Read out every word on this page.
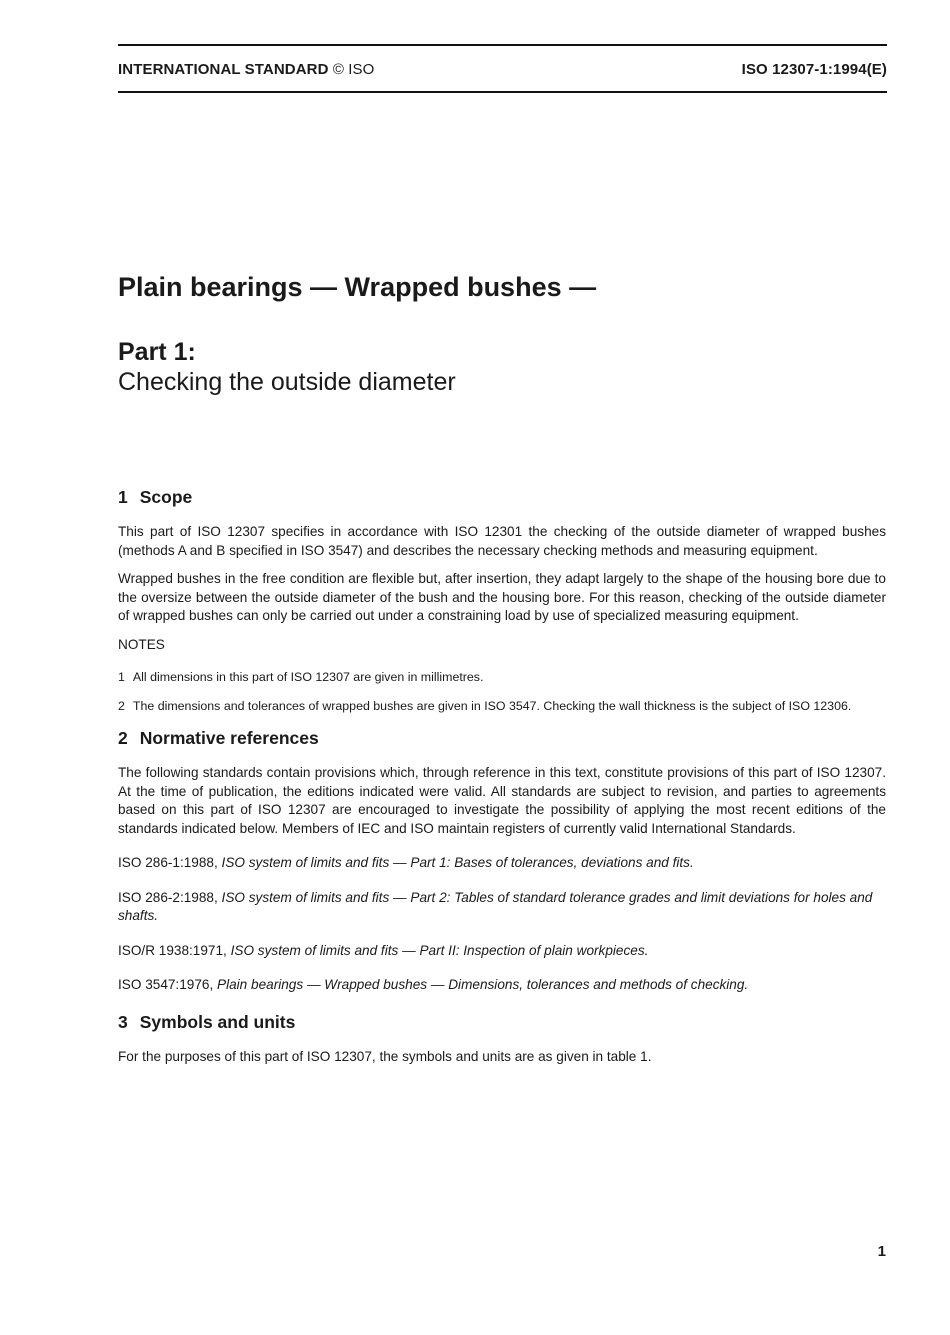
INTERNATIONAL STANDARD © ISO	ISO 12307-1:1994(E)
Plain bearings — Wrapped bushes —
Part 1:
Checking the outside diameter
1 Scope

This part of ISO 12307 specifies in accordance with ISO 12301 the checking of the outside diameter of wrapped bushes (methods A and B specified in ISO 3547) and describes the necessary checking methods and measuring equipment.

Wrapped bushes in the free condition are flexible but, after insertion, they adapt largely to the shape of the housing bore due to the oversize between the outside diameter of the bush and the housing bore. For this reason, checking of the outside diameter of wrapped bushes can only be carried out under a constraining load by use of specialized measuring equipment.

NOTES

1 All dimensions in this part of ISO 12307 are given in millimetres.

2 The dimensions and tolerances of wrapped bushes are given in ISO 3547. Checking the wall thickness is the subject of ISO 12306.

2 Normative references

The following standards contain provisions which, through reference in this text, constitute provisions of this part of ISO 12307. At the time of publication, the editions indicated were valid. All standards are subject to revision, and parties to agreements based on this part of ISO 12307 are encouraged to investigate the possibility of applying the most recent editions of the standards indicated below. Members of IEC and ISO maintain registers of currently valid International Standards.

ISO 286-1:1988, ISO system of limits and fits — Part 1: Bases of tolerances, deviations and fits.

ISO 286-2:1988, ISO system of limits and fits — Part 2: Tables of standard tolerance grades and limit deviations for holes and shafts.

ISO/R 1938:1971, ISO system of limits and fits — Part II: Inspection of plain workpieces.

ISO 3547:1976, Plain bearings — Wrapped bushes — Dimensions, tolerances and methods of checking.

3 Symbols and units

For the purposes of this part of ISO 12307, the symbols and units are as given in table 1.

1
